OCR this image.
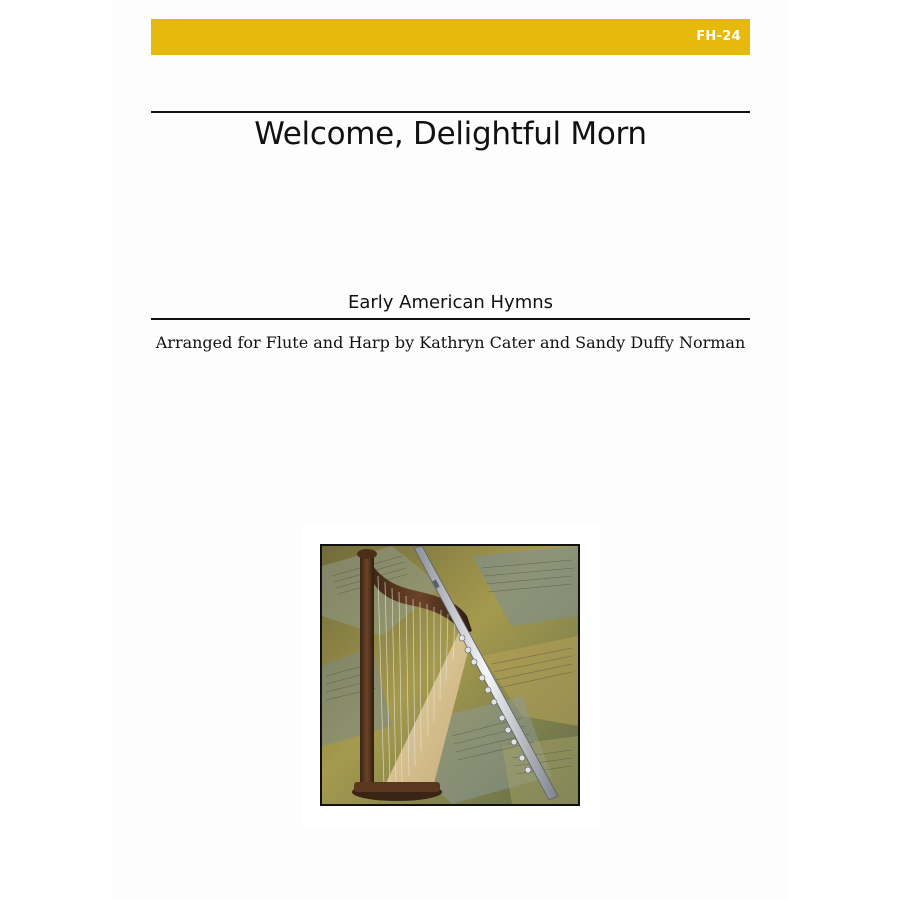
FH-24
Welcome, Delightful Morn
Early American Hymns
Arranged for Flute and Harp by Kathryn Cater and Sandy Duffy Norman
